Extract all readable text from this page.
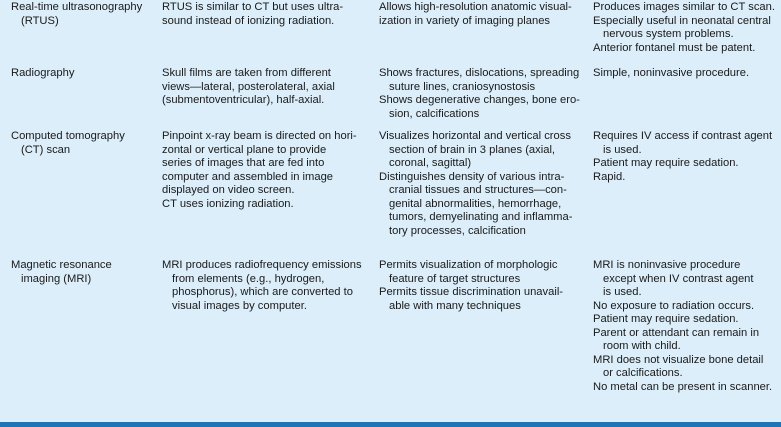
Real-time ultrasonography
(RTUS)
RTUS is similar to CT but uses ultra-
sound instead of ionizing radiation.
Allows high-resolution anatomic visual-
ization in variety of imaging planes
Produces images similar to CT scan.
Especially useful in neonatal central
nervous system problems.
Anterior fontanel must be patent.
Radiography	Skull films are taken from different
views—lateral, posterolateral, axial
(submentoventricular), half-axial.
Shows fractures, dislocations, spreading
suture lines, craniosynostosis
Shows degenerative changes, bone ero-
sion, calcifications
Simple, noninvasive procedure.
Computed tomography
(CT) scan
Pinpoint x-ray beam is directed on hori-
zontal or vertical plane to provide
series of images that are fed into
computer and assembled in image
displayed on video screen.
CT uses ionizing radiation.
Visualizes horizontal and vertical cross
section of brain in 3 planes (axial,
coronal, sagittal)
Distinguishes density of various intra-
cranial tissues and structures—con-
genital abnormalities, hemorrhage,
tumors, demyelinating and inflamma-
tory processes, calcification
Requires IV access if contrast agent
is used.
Patient may require sedation.
Rapid.
Magnetic resonance
imaging (MRI)
MRI produces radiofrequency emissions
from elements (e.g., hydrogen,
phosphorus), which are converted to
visual images by computer.
Permits visualization of morphologic
feature of target structures
Permits tissue discrimination unavail-
able with many techniques
MRI is noninvasive procedure
except when IV contrast agent
is used.
No exposure to radiation occurs.
Patient may require sedation.
Parent or attendant can remain in
room with child.
MRI does not visualize bone detail
or calcifications.
No metal can be present in scanner.
